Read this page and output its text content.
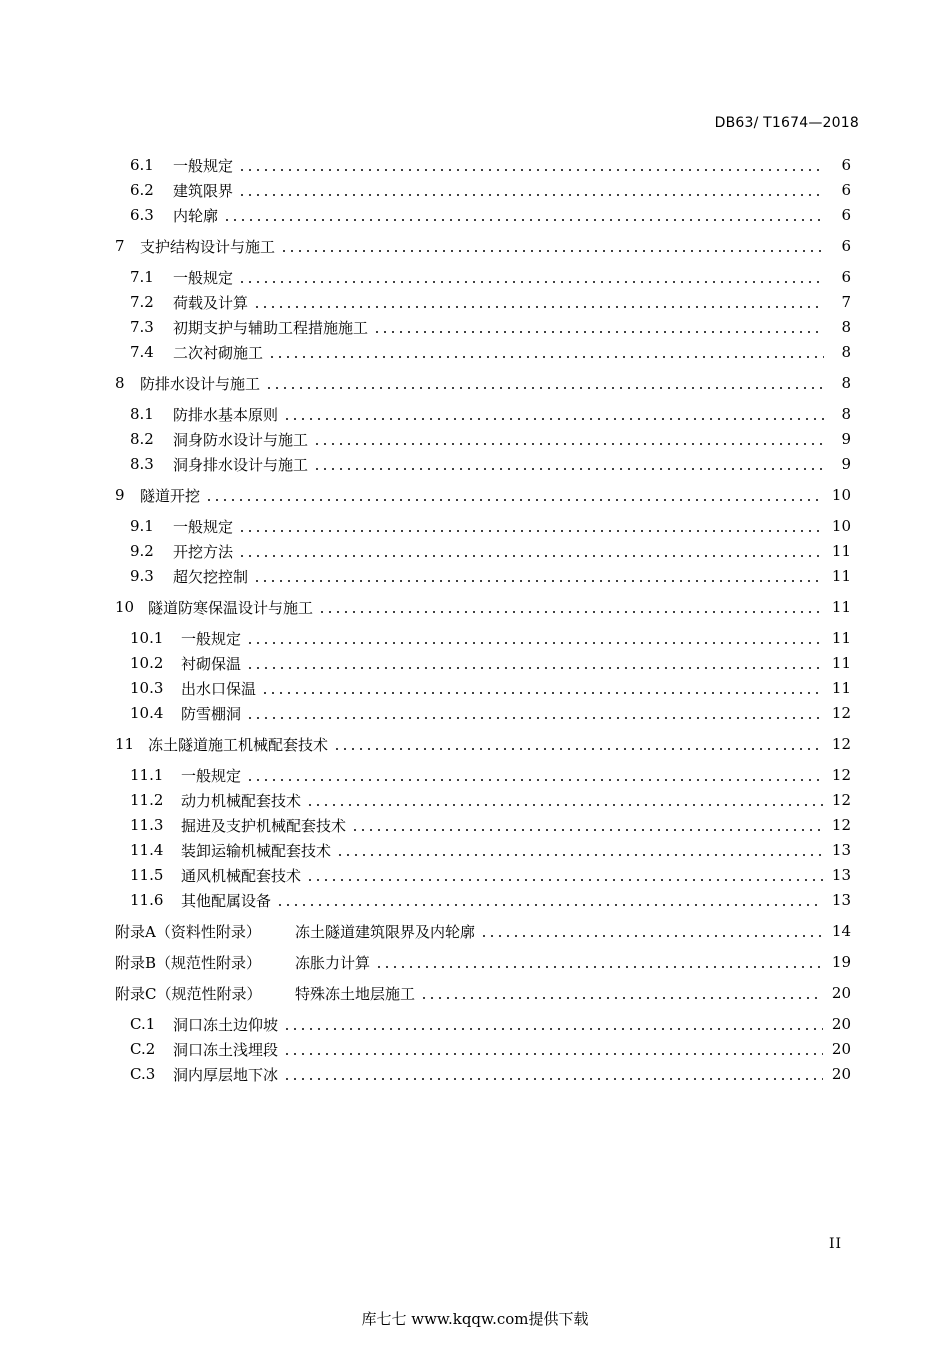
DB63/ T1674—2018
6.1	一般规定	6
6.2	建筑限界	6
6.3	内轮廓	6
7	支护结构设计与施工	6
7.1	一般规定	6
7.2	荷载及计算	7
7.3	初期支护与辅助工程措施施工	8
7.4	二次衬砌施工	8
8	防排水设计与施工	8
8.1	防排水基本原则	8
8.2	洞身防水设计与施工	9
8.3	洞身排水设计与施工	9
9	隧道开挖	10
9.1	一般规定	10
9.2	开挖方法	11
9.3	超欠挖控制	11
10 隧道防寒保温设计与施工	11
10.1	一般规定	11
10.2	衬砌保温	11
10.3	出水口保温	11
10.4	防雪棚洞	12
11 冻土隧道施工机械配套技术	12
11.1	一般规定	12
11.2	动力机械配套技术	12
11.3	掘进及支护机械配套技术	12
11.4	装卸运输机械配套技术	13
11.5	通风机械配套技术	13
11.6	其他配属设备	13
附录A（资料性附录）	冻土隧道建筑限界及内轮廓	14
附录B（规范性附录）	冻胀力计算	19
附录C（规范性附录）	特殊冻土地层施工	20
C.1	洞口冻土边仰坡	20
C.2	洞口冻土浅埋段	20
C.3	洞内厚层地下冰	20
II
库七七 www.kqqw.com提供下载
